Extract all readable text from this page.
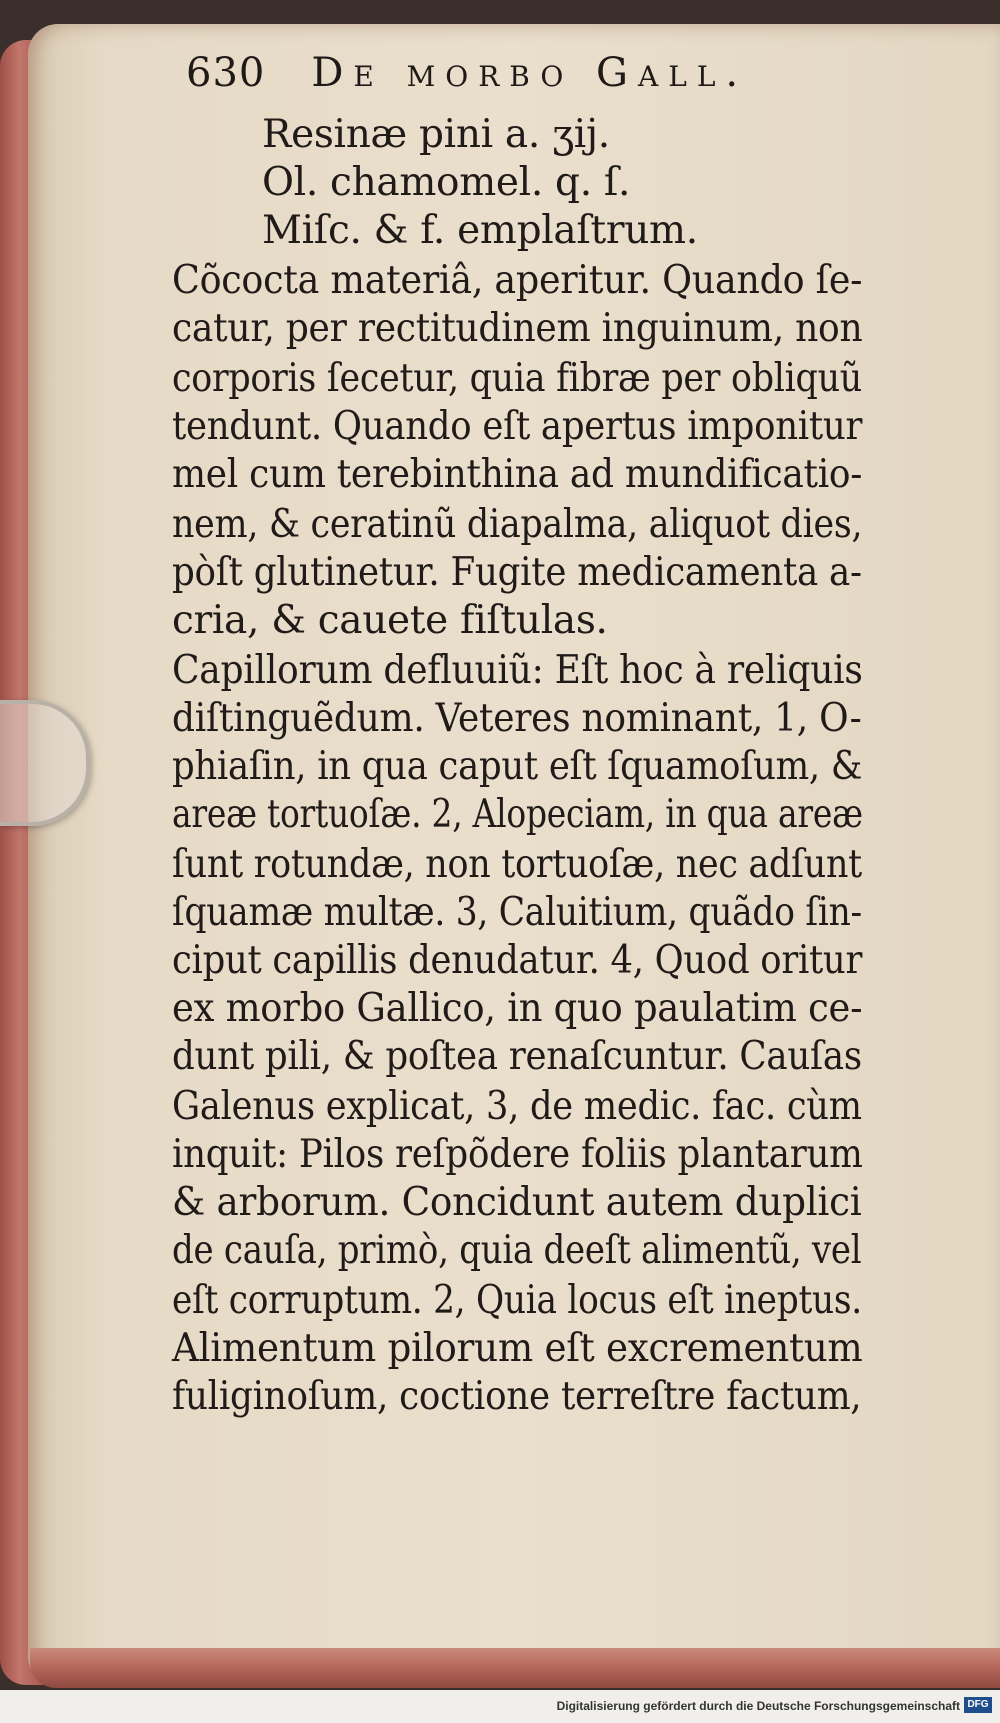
630 De morbo Gall.
Resinæ pini a. ʒij.
Ol. chamomel. q. ſ.
Miſc. & f. emplaſtrum.
Cõcocta materiâ, aperitur. Quando ſe-
catur, per rectitudinem inguinum, non
corporis ſecetur, quia fibræ per obliquũ
tendunt. Quando eſt apertus imponitur
mel cum terebinthina ad mundificatio-
nem, & ceratinũ diapalma, aliquot dies,
pòſt glutinetur. Fugite medicamenta a-
cria, & cauete fiſtulas.
Capillorum defluuiũ: Eſt hoc à reliquis
diſtinguẽdum. Veteres nominant, 1, O-
phiaſin, in qua caput eſt ſquamoſum, &
areæ tortuoſæ. 2, Alopeciam, in qua areæ
ſunt rotundæ, non tortuoſæ, nec adſunt
ſquamæ multæ. 3, Caluitium, quãdo ſin-
ciput capillis denudatur. 4, Quod oritur
ex morbo Gallico, in quo paulatim ce-
dunt pili, & poſtea renaſcuntur. Cauſas
Galenus explicat, 3, de medic. fac. cùm
inquit: Pilos reſpõdere foliis plantarum
& arborum. Concidunt autem duplici
de cauſa, primò, quia deeſt alimentũ, vel
eſt corruptum. 2, Quia locus eſt ineptus.
Alimentum pilorum eſt excrementum
fuliginoſum, coctione terreſtre factum,
Digitalisierung gefördert durch die Deutsche Forschungsgemeinschaft DFG
